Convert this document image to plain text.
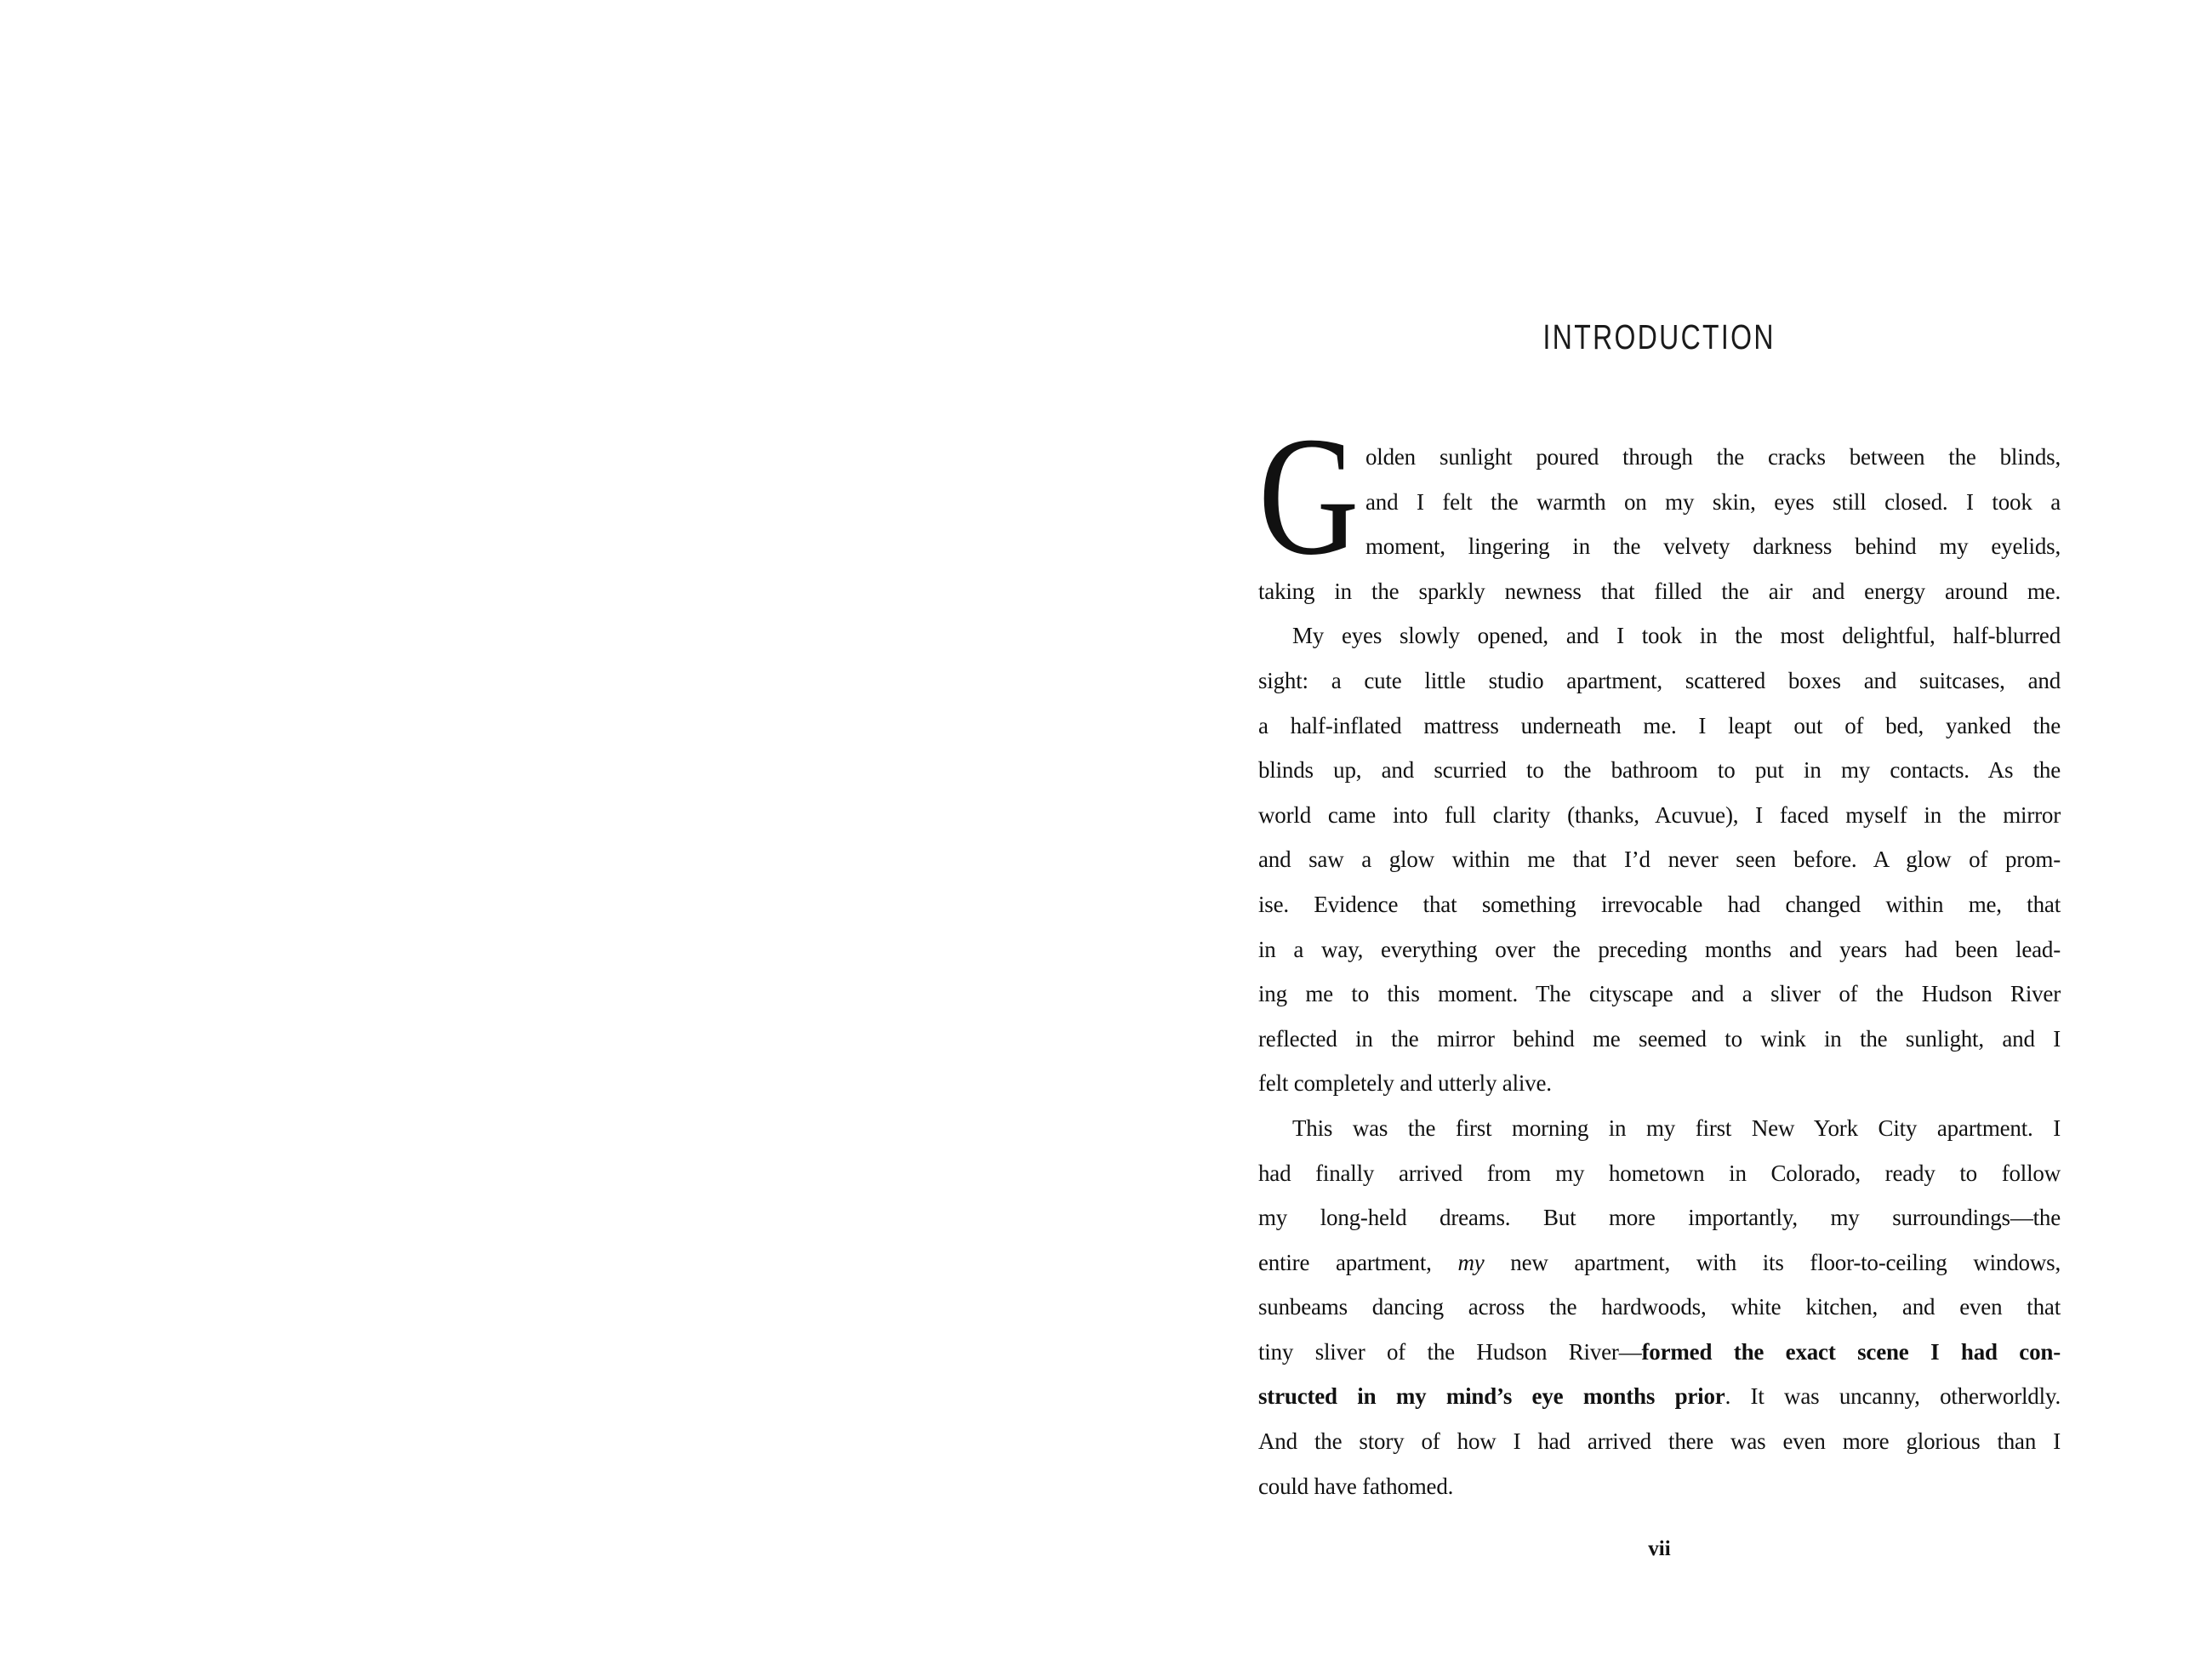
INTRODUCTION
G olden sunlight poured through the cracks between the blinds,
and I felt the warmth on my skin, eyes still closed. I took a
moment, lingering in the velvety darkness behind my eyelids,
taking in the sparkly newness that filled the air and energy around me.
My eyes slowly opened, and I took in the most delightful, half-blurred
sight: a cute little studio apartment, scattered boxes and suitcases, and
a half-inflated mattress underneath me. I leapt out of bed, yanked the
blinds up, and scurried to the bathroom to put in my contacts. As the
world came into full clarity (thanks, Acuvue), I faced myself in the mirror
and saw a glow within me that I’d never seen before. A glow of prom-
ise. Evidence that something irrevocable had changed within me, that
in a way, everything over the preceding months and years had been lead-
ing me to this moment. The cityscape and a sliver of the Hudson River
reflected in the mirror behind me seemed to wink in the sunlight, and I
felt completely and utterly alive.
This was the first morning in my first New York City apartment. I
had finally arrived from my hometown in Colorado, ready to follow
my long-held dreams. But more importantly, my surroundings—the
entire apartment, my new apartment, with its floor-to-ceiling windows,
sunbeams dancing across the hardwoods, white kitchen, and even that
tiny sliver of the Hudson River—formed the exact scene I had con-
structed in my mind’s eye months prior. It was uncanny, otherworldly.
And the story of how I had arrived there was even more glorious than I
could have fathomed.
vii
